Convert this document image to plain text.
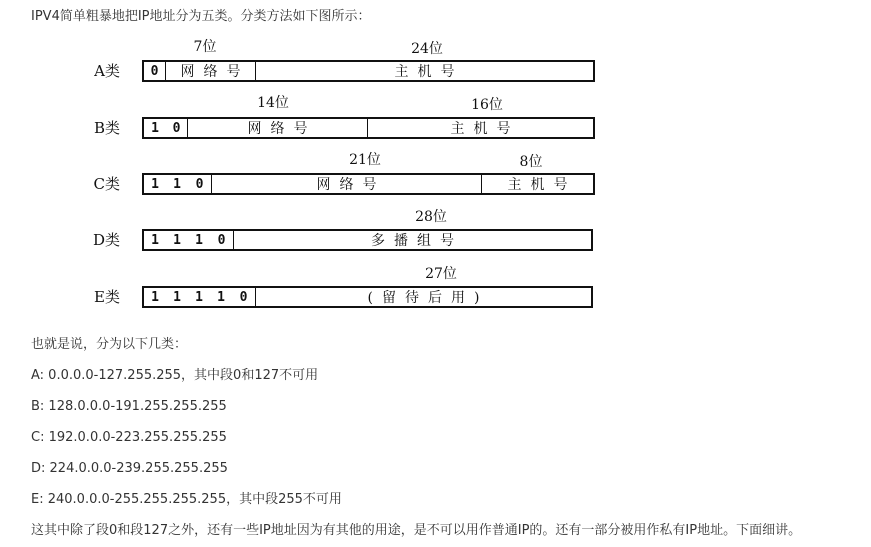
IPV4简单粗暴地把IP地址分为五类。分类方法如下图所示：
A类
7位	24位
0	网络号	主机号
B类
14位	16位
1	0	网络号	主机号
C类
21位	8位
1	1	0	网络号	主机号
D类
28位
1	1	1	0	多播组号
E类
27位
1	1	1	1	0	(留待后用)
也就是说，分为以下几类：
A: 0.0.0.0-127.255.255，其中段0和127不可用
B: 128.0.0.0-191.255.255.255
C: 192.0.0.0-223.255.255.255
D: 224.0.0.0-239.255.255.255
E: 240.0.0.0-255.255.255.255，其中段255不可用
这其中除了段0和段127之外，还有一些IP地址因为有其他的用途，是不可以用作普通IP的。还有一部分被用作私有IP地址。下面细讲。
